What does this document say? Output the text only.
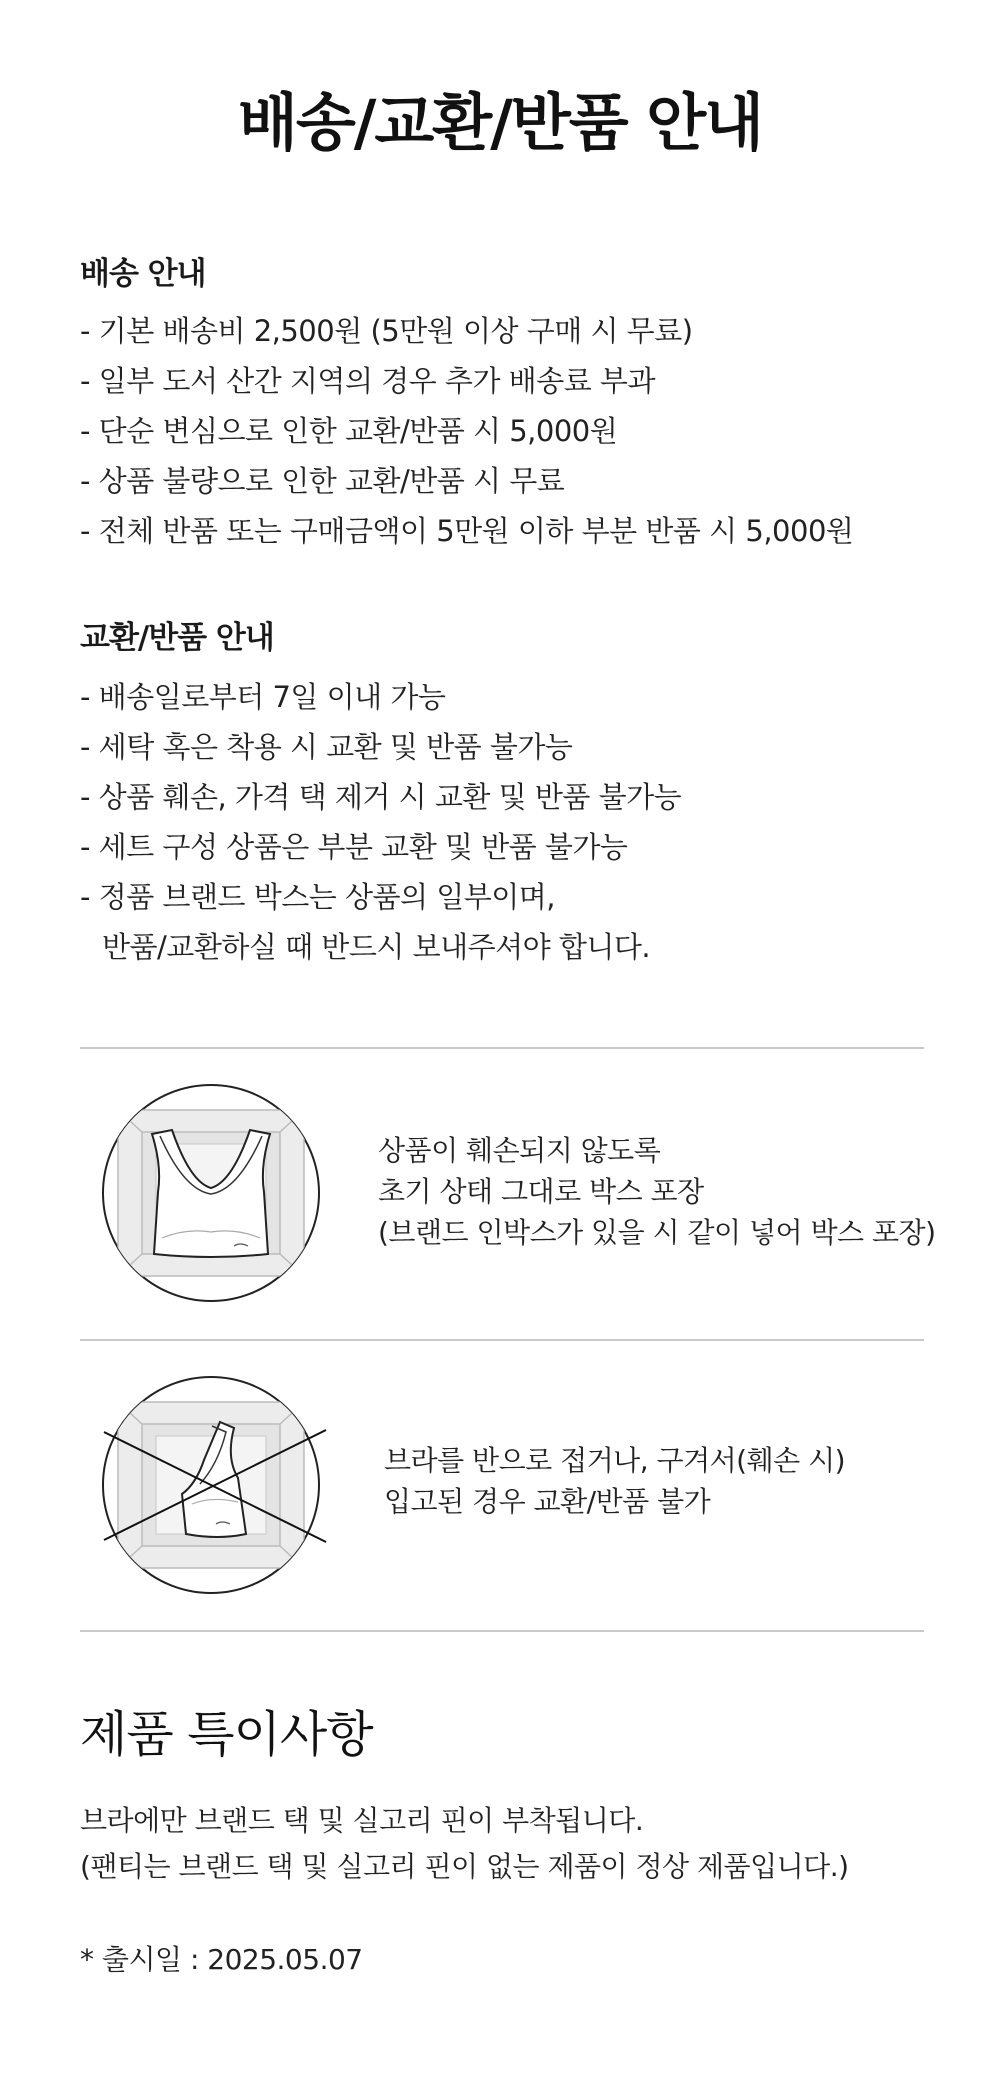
배송/교환/반품 안내
배송 안내
- 기본 배송비 2,500원 (5만원 이상 구매 시 무료)
- 일부 도서 산간 지역의 경우 추가 배송료 부과
- 단순 변심으로 인한 교환/반품 시 5,000원
- 상품 불량으로 인한 교환/반품 시 무료
- 전체 반품 또는 구매금액이 5만원 이하 부분 반품 시 5,000원
교환/반품 안내
- 배송일로부터 7일 이내 가능
- 세탁 혹은 착용 시 교환 및 반품 불가능
- 상품 훼손, 가격 택 제거 시 교환 및 반품 불가능
- 세트 구성 상품은 부분 교환 및 반품 불가능
- 정품 브랜드 박스는 상품의 일부이며,
반품/교환하실 때 반드시 보내주셔야 합니다.
상품이 훼손되지 않도록
초기 상태 그대로 박스 포장
(브랜드 인박스가 있을 시 같이 넣어 박스 포장)
브라를 반으로 접거나, 구겨서(훼손 시)
입고된 경우 교환/반품 불가
제품 특이사항
브라에만 브랜드 택 및 실고리 핀이 부착됩니다.
(팬티는 브랜드 택 및 실고리 핀이 없는 제품이 정상 제품입니다.)
* 출시일 : 2025.05.07
